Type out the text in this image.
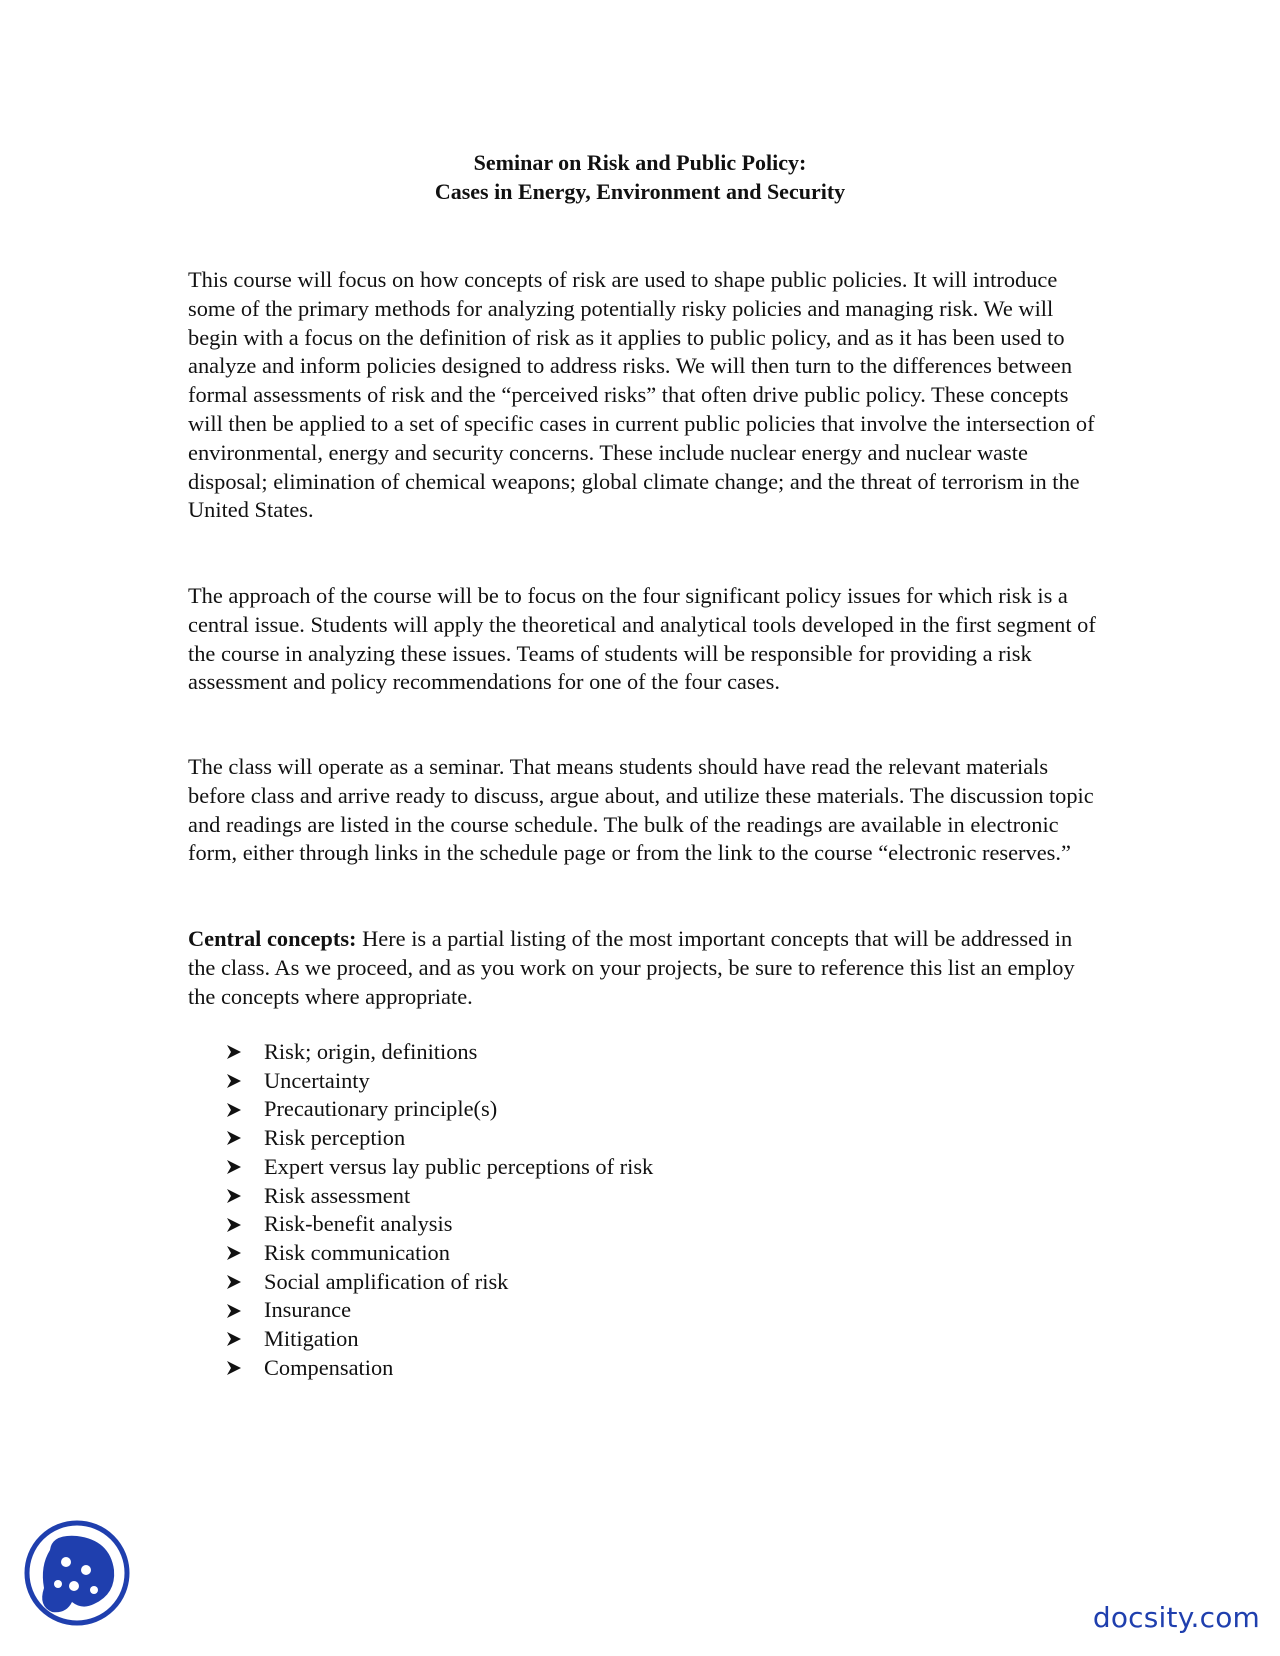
Seminar on Risk and Public Policy:
Cases in Energy, Environment and Security

This course will focus on how concepts of risk are used to shape public policies. It will introduce some of the primary methods for analyzing potentially risky policies and managing risk. We will begin with a focus on the definition of risk as it applies to public policy, and as it has been used to analyze and inform policies designed to address risks. We will then turn to the differences between formal assessments of risk and the “perceived risks” that often drive public policy. These concepts will then be applied to a set of specific cases in current public policies that involve the intersection of environmental, energy and security concerns. These include nuclear energy and nuclear waste disposal; elimination of chemical weapons; global climate change; and the threat of terrorism in the United States.

The approach of the course will be to focus on the four significant policy issues for which risk is a central issue. Students will apply the theoretical and analytical tools developed in the first segment of the course in analyzing these issues. Teams of students will be responsible for providing a risk assessment and policy recommendations for one of the four cases.

The class will operate as a seminar. That means students should have read the relevant materials before class and arrive ready to discuss, argue about, and utilize these materials. The discussion topic and readings are listed in the course schedule. The bulk of the readings are available in electronic form, either through links in the schedule page or from the link to the course “electronic reserves.”

Central concepts: Here is a partial listing of the most important concepts that will be addressed in the class. As we proceed, and as you work on your projects, be sure to reference this list an employ the concepts where appropriate.

Risk; origin, definitions
Uncertainty
Precautionary principle(s)
Risk perception
Expert versus lay public perceptions of risk
Risk assessment
Risk-benefit analysis
Risk communication
Social amplification of risk
Insurance
Mitigation
Compensation
docsity.com
